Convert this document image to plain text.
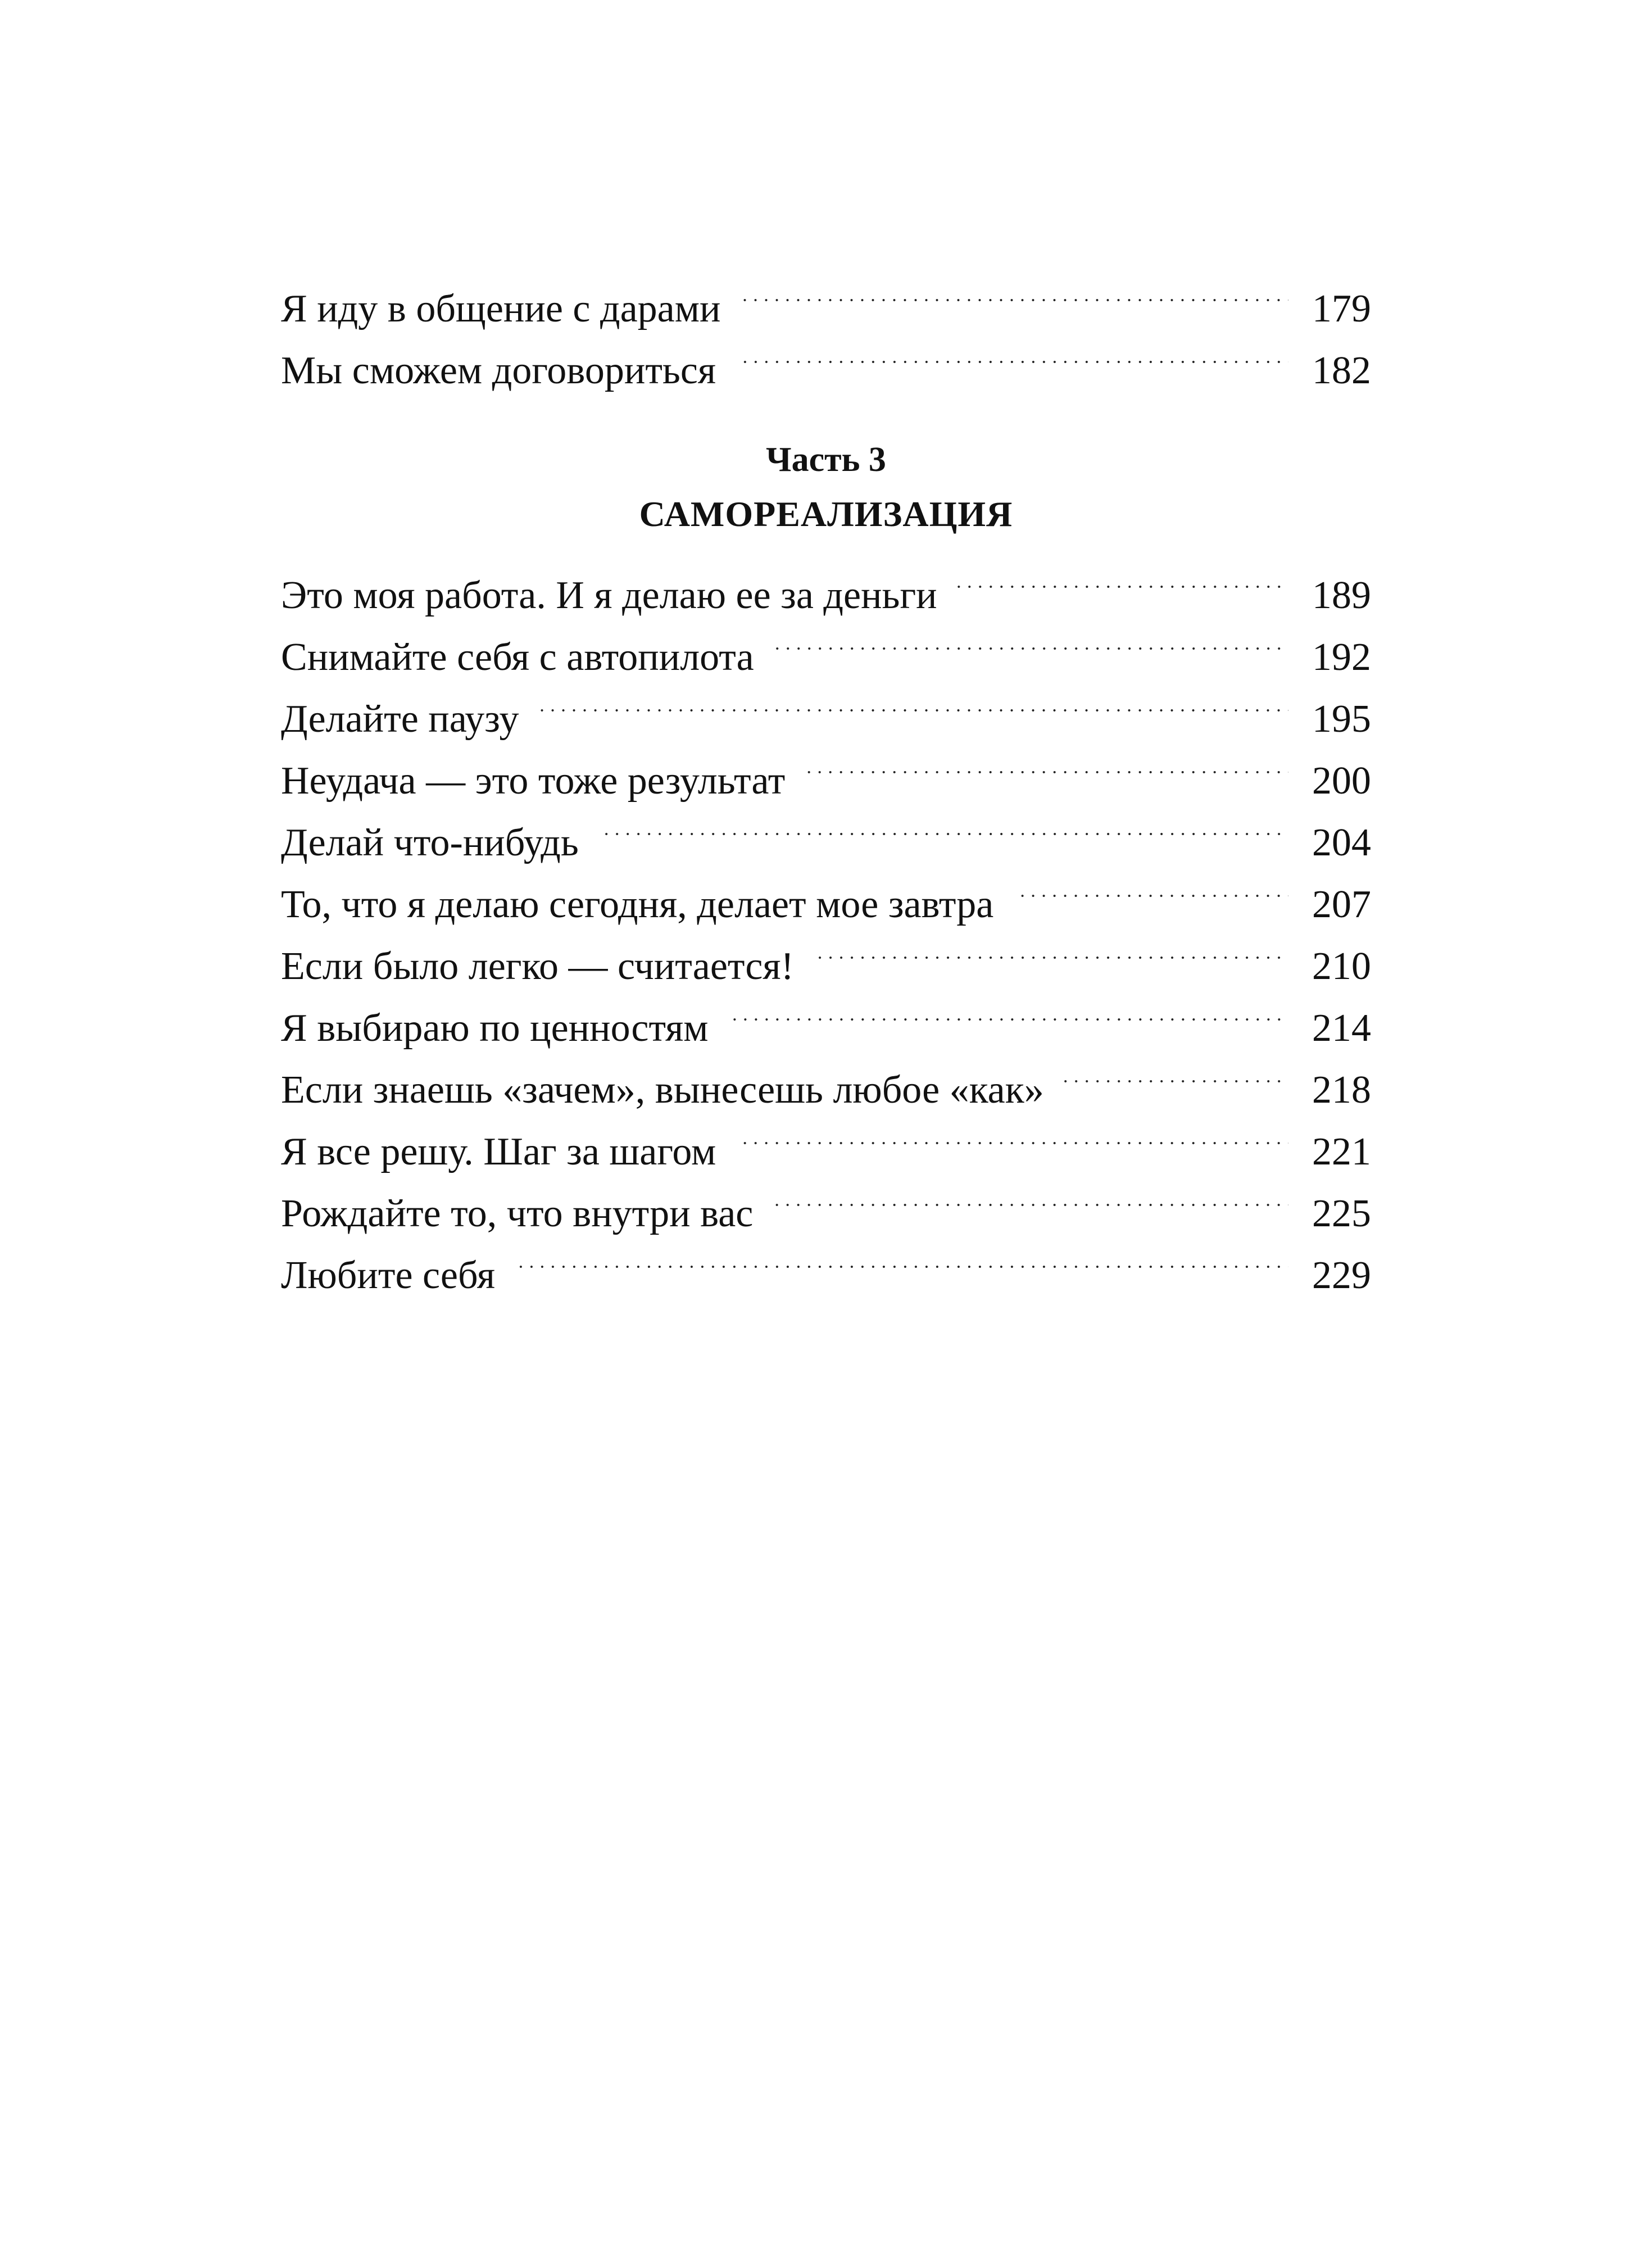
Я иду в общение с дарами	179
Мы сможем договориться	182
Часть 3
САМОРЕАЛИЗАЦИЯ
Это моя работа. И я делаю ее за деньги	189
Снимайте себя с автопилота	192
Делайте паузу	195
Неудача — это тоже результат	200
Делай что-нибудь	204
То, что я делаю сегодня, делает мое завтра	207
Если было легко — считается!	210
Я выбираю по ценностям	214
Если знаешь «зачем», вынесешь любое «как»	218
Я все решу. Шаг за шагом	221
Рождайте то, что внутри вас	225
Любите себя	229
